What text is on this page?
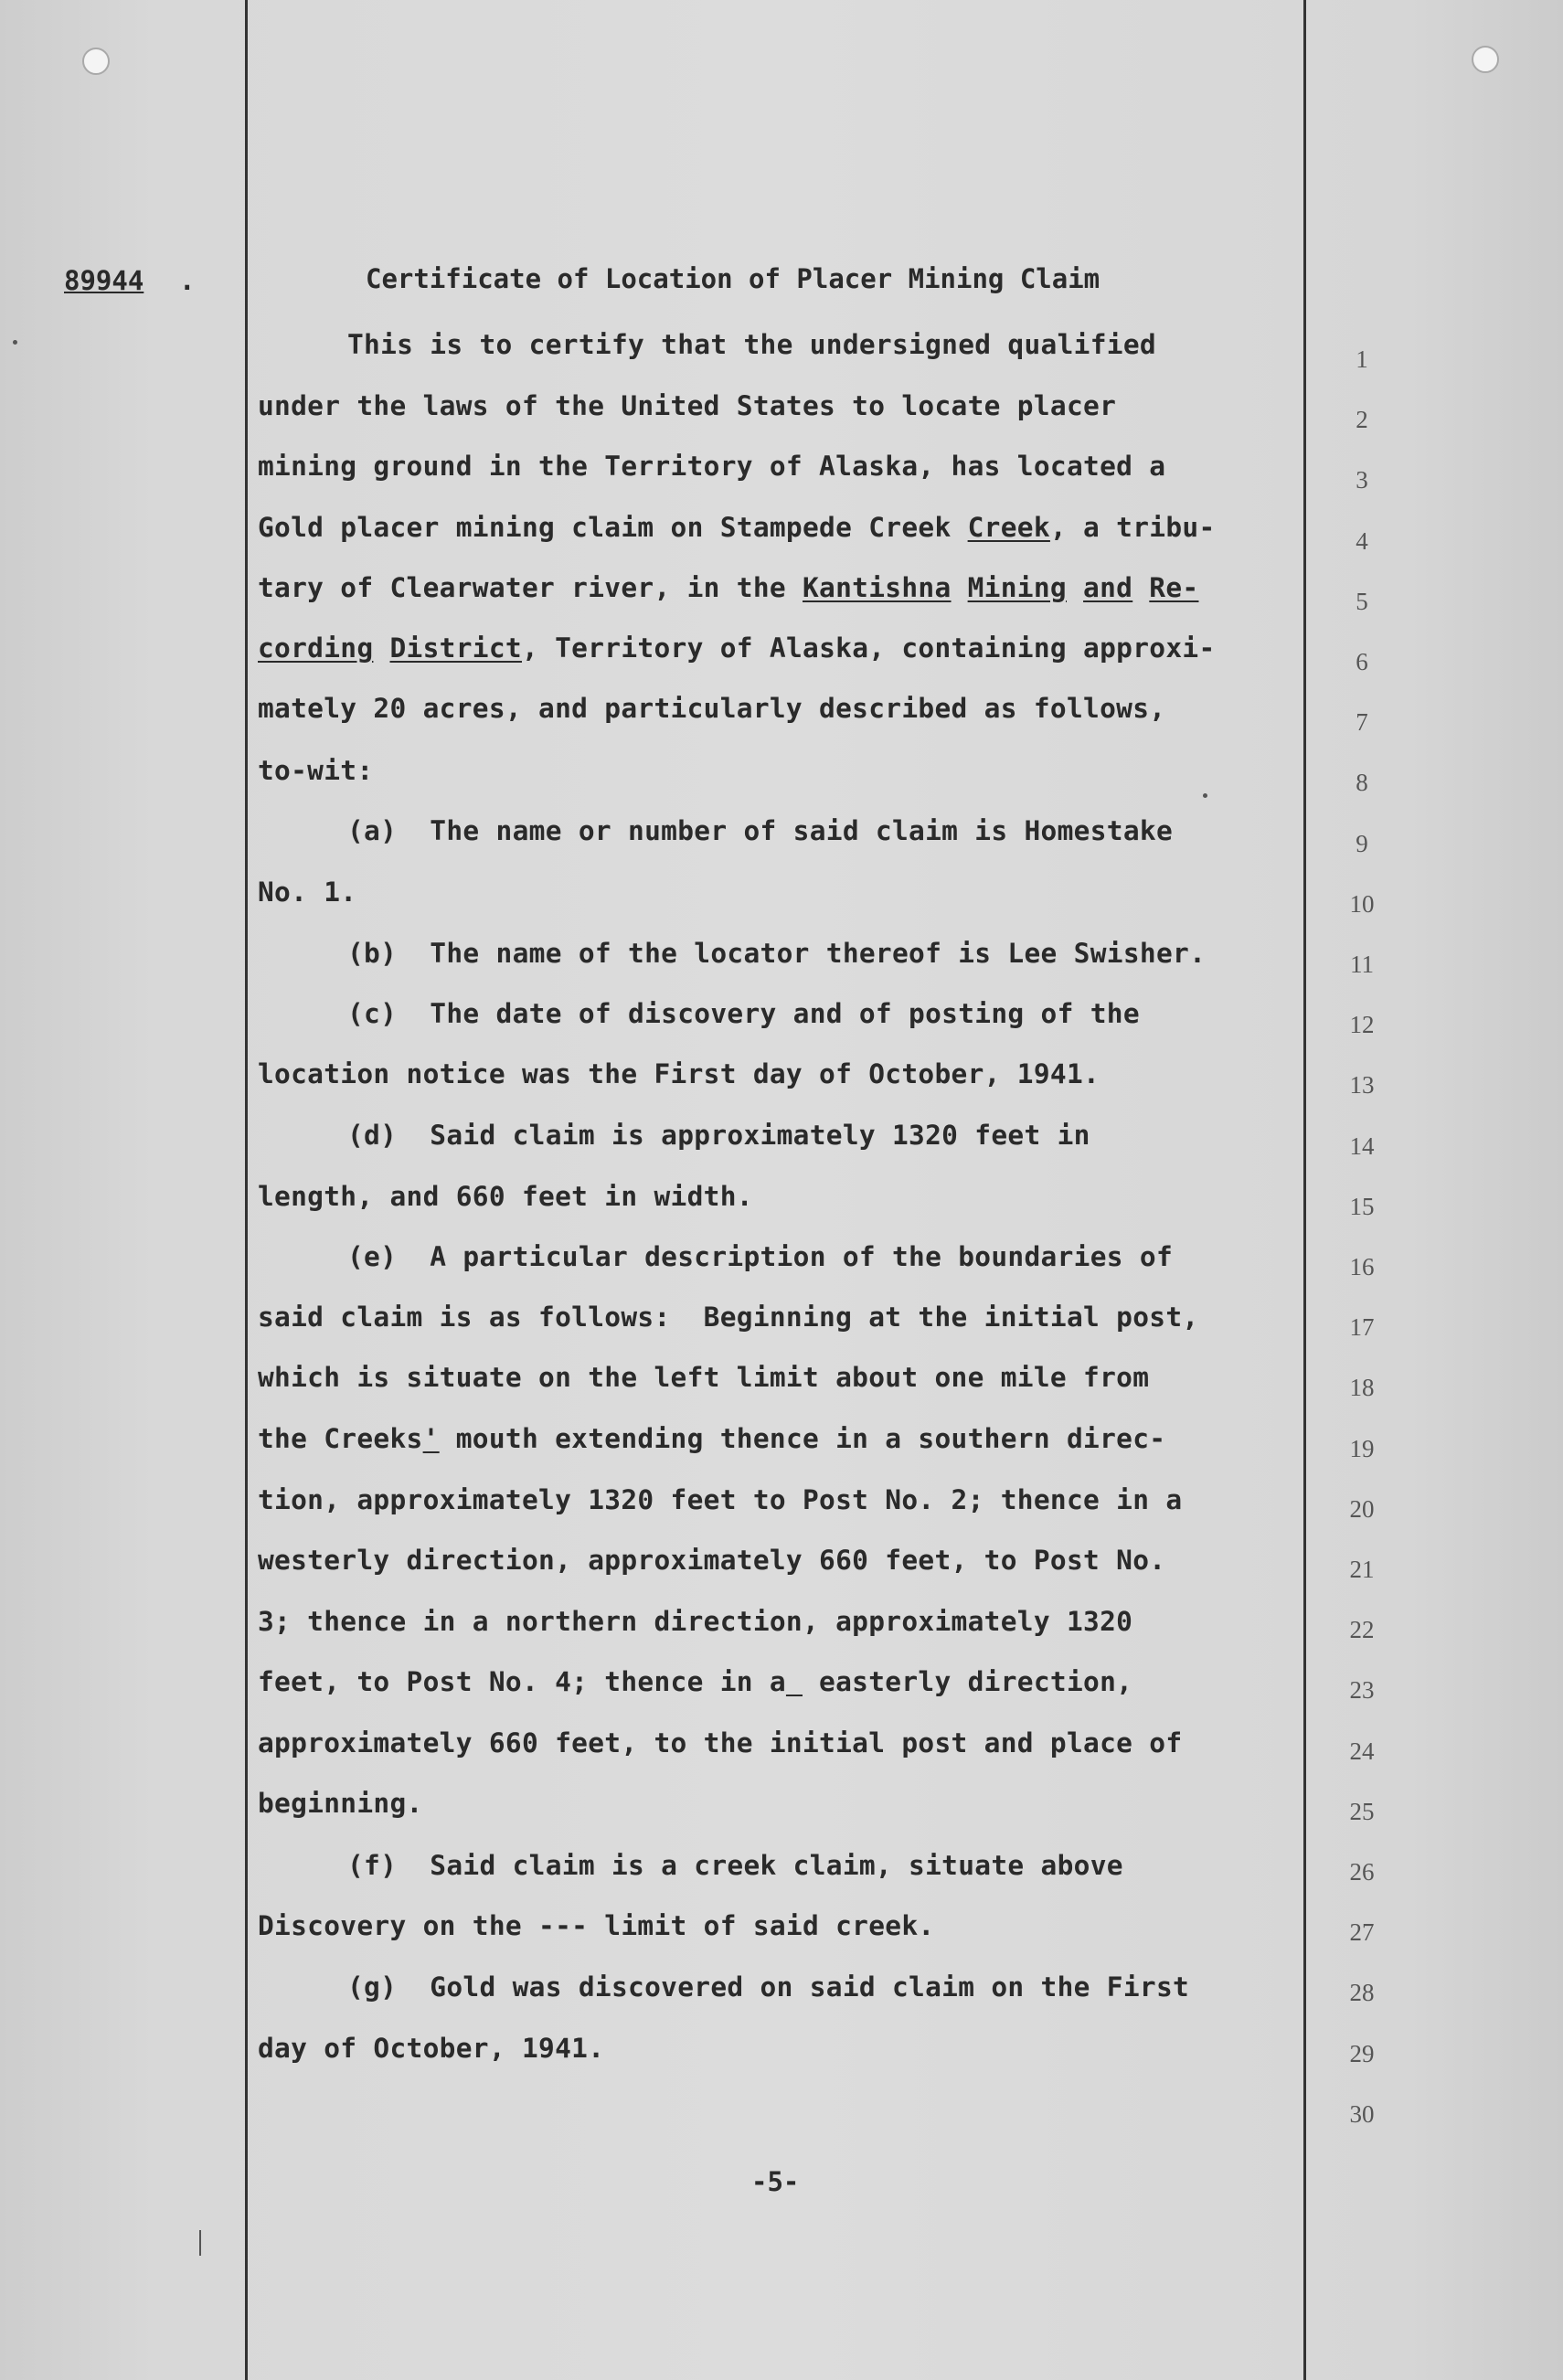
89944 .	Certificate of Location of Placer Mining Claim
This is to certify that the undersigned qualified
under the laws of the United States to locate placer
mining ground in the Territory of Alaska, has located a
Gold placer mining claim on Stampede Creek Creek, a tribu-
tary of Clearwater river, in the Kantishna Mining and Re-
cording District, Territory of Alaska, containing approxi-
mately 20 acres, and particularly described as follows,
to-wit:
(a)  The name or number of said claim is Homestake
No. 1.
(b)  The name of the locator thereof is Lee Swisher.
(c)  The date of discovery and of posting of the
location notice was the First day of October, 1941.
(d)  Said claim is approximately 1320 feet in
length, and 660 feet in width.
(e)  A particular description of the boundaries of
said claim is as follows:  Beginning at the initial post,
which is situate on the left limit about one mile from
the Creeks' mouth extending thence in a southern direc-
tion, approximately 1320 feet to Post No. 2; thence in a
westerly direction, approximately 660 feet, to Post No.
3; thence in a northern direction, approximately 1320
feet, to Post No. 4; thence in a  easterly direction,
approximately 660 feet, to the initial post and place of
beginning.
(f)  Said claim is a creek claim, situate above
Discovery on the --- limit of said creek.
(g)  Gold was discovered on said claim on the First
day of October, 1941.
1
2
3
4
5
6
7
8
9
10
11
12
13
14
15
16
17
18
19
20
21
22
23
24
25
26
27
28
29
30
-5-
